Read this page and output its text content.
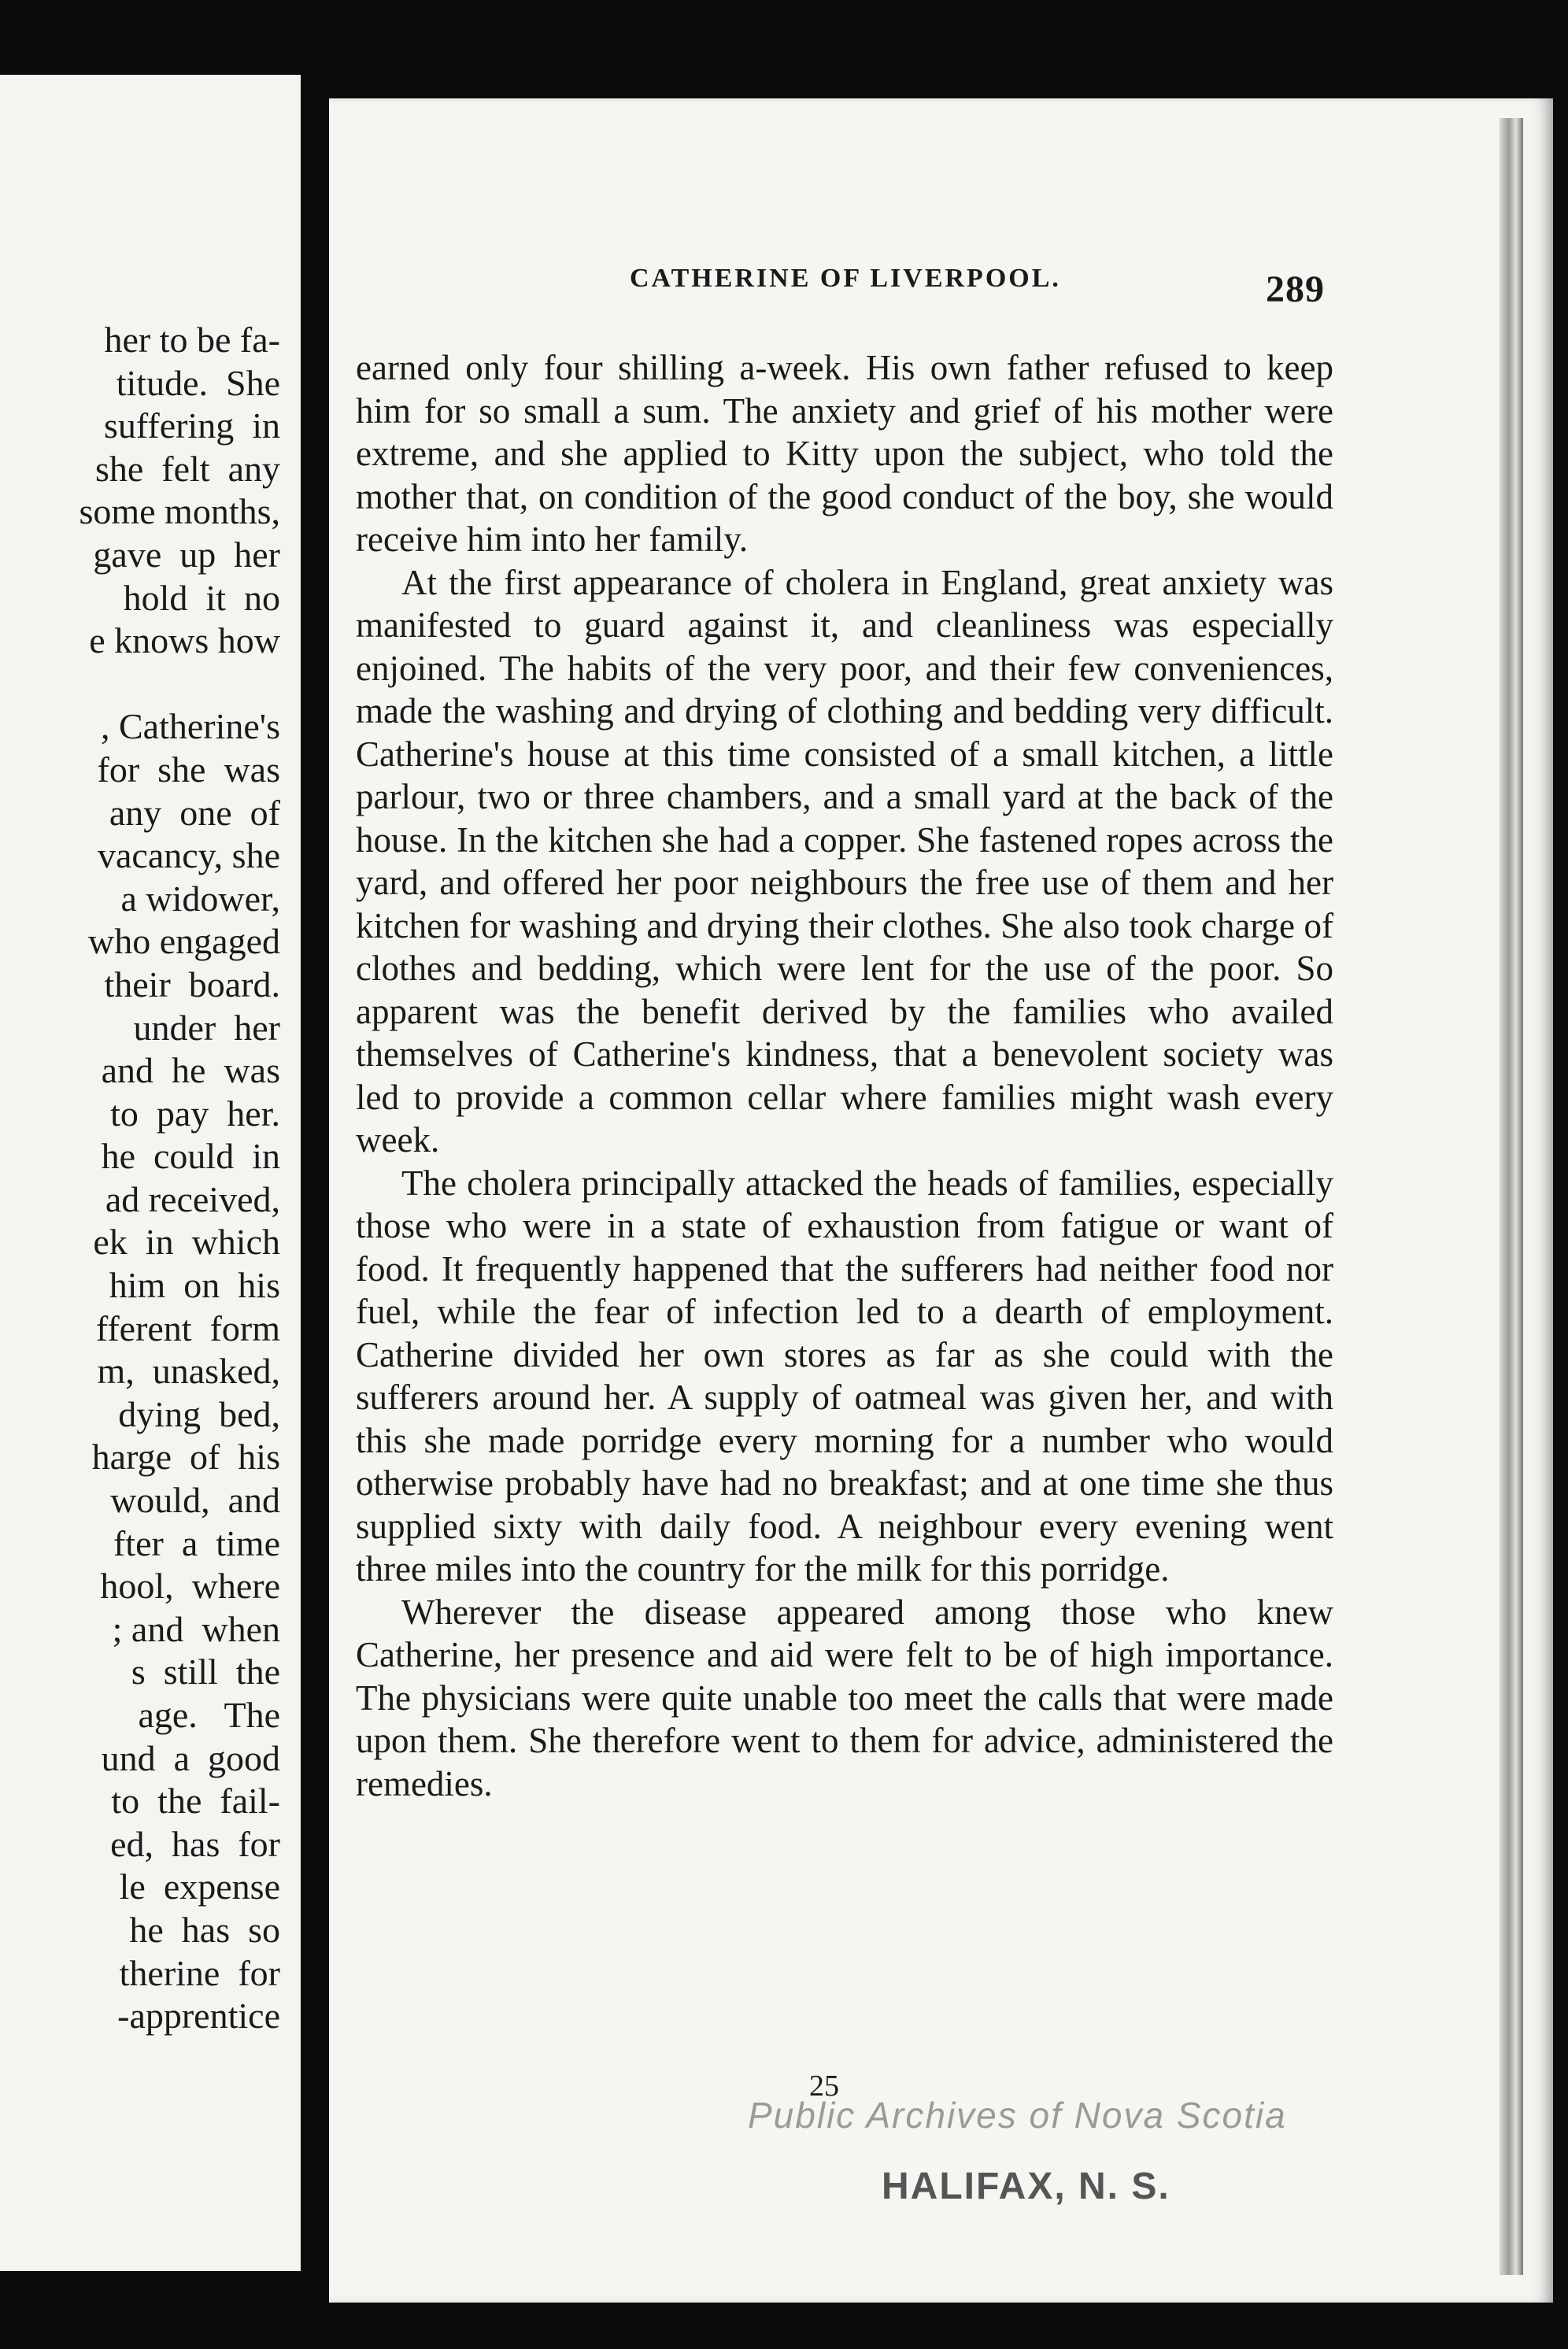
her to be fa-
titude.  She
suffering  in
she  felt  any
some months,
gave  up  her
hold  it  no
e knows how

, Catherine's
for  she  was
any  one  of
vacancy, she
a widower,
who engaged
their  board.
under  her
and  he  was
to  pay  her.
he  could  in
ad received,
ek  in  which
him  on  his
fferent  form
m,  unasked,
dying  bed,
harge  of  his
would,  and
fter  a  time
hool,  where
; and  when
s  still  the
age.   The
und  a  good
to  the  fail-
ed,  has  for
le  expense
he  has  so
therine  for
-apprentice
CATHERINE OF LIVERPOOL.	289

earned only four shilling a-week. His own father refused to keep him for so small a sum. The anxiety and grief of his mother were extreme, and she applied to Kitty upon the subject, who told the mother that, on condition of the good conduct of the boy, she would receive him into her family.

At the first appearance of cholera in England, great anxiety was manifested to guard against it, and cleanliness was especially enjoined. The habits of the very poor, and their few conveniences, made the washing and drying of clothing and bedding very difficult. Catherine's house at this time consisted of a small kitchen, a little parlour, two or three chambers, and a small yard at the back of the house. In the kitchen she had a copper. She fastened ropes across the yard, and offered her poor neighbours the free use of them and her kitchen for washing and drying their clothes. She also took charge of clothes and bedding, which were lent for the use of the poor. So apparent was the benefit derived by the families who availed themselves of Catherine's kindness, that a benevolent society was led to provide a common cellar where families might wash every week.

The cholera principally attacked the heads of families, especially those who were in a state of exhaustion from fatigue or want of food. It frequently happened that the sufferers had neither food nor fuel, while the fear of infection led to a dearth of employment. Catherine divided her own stores as far as she could with the sufferers around her. A supply of oatmeal was given her, and with this she made porridge every morning for a number who would otherwise probably have had no breakfast; and at one time she thus supplied sixty with daily food. A neighbour every evening went three miles into the country for the milk for this porridge.

Wherever the disease appeared among those who knew Catherine, her presence and aid were felt to be of high importance. The physicians were quite unable too meet the calls that were made upon them. She therefore went to them for advice, administered the remedies.

25
Public Archives of Nova Scotia
HALIFAX, N. S.
